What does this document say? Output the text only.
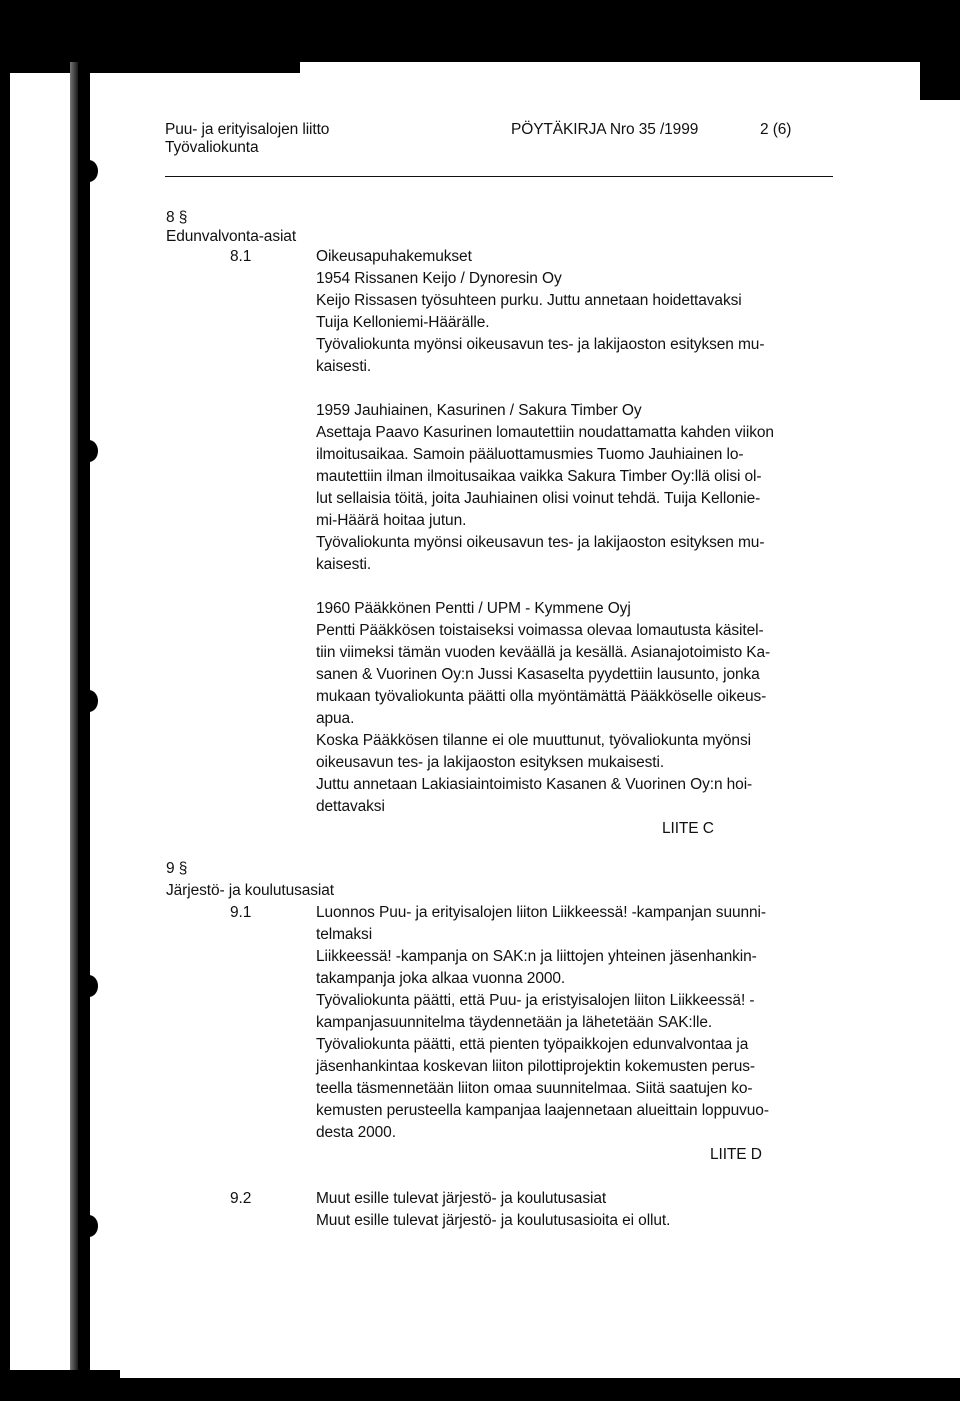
Puu- ja erityisalojen liitto	PÖYTÄKIRJA Nro 35 /1999	2 (6)
Työvaliokunta
8 §
Edunvalvonta-asiat
8.1	Oikeusapuhakemukset
1954 Rissanen Keijo / Dynoresin Oy
Keijo Rissasen työsuhteen purku. Juttu annetaan hoidettavaksi
Tuija Kelloniemi-Häärälle.
Työvaliokunta myönsi oikeusavun tes- ja lakijaoston esityksen mu-
kaisesti.
1959 Jauhiainen, Kasurinen / Sakura Timber Oy
Asettaja Paavo Kasurinen lomautettiin noudattamatta kahden viikon
ilmoitusaikaa. Samoin pääluottamusmies Tuomo Jauhiainen lo-
mautettiin ilman ilmoitusaikaa vaikka Sakura Timber Oy:llä olisi ol-
lut sellaisia töitä, joita Jauhiainen olisi voinut tehdä. Tuija Kellonie-
mi-Häärä hoitaa jutun.
Työvaliokunta myönsi oikeusavun tes- ja lakijaoston esityksen mu-
kaisesti.
1960 Pääkkönen Pentti / UPM - Kymmene Oyj
Pentti Pääkkösen toistaiseksi voimassa olevaa lomautusta käsitel-
tiin viimeksi tämän vuoden keväällä ja kesällä. Asianajotoimisto Ka-
sanen & Vuorinen Oy:n Jussi Kasaselta pyydettiin lausunto, jonka
mukaan työvaliokunta päätti olla myöntämättä Pääkköselle oikeus-
apua.
Koska Pääkkösen tilanne ei ole muuttunut, työvaliokunta myönsi
oikeusavun tes- ja lakijaoston esityksen mukaisesti.
Juttu annetaan Lakiasiaintoimisto Kasanen & Vuorinen Oy:n hoi-
dettavaksi
LIITE C
9 §
Järjestö- ja koulutusasiat
9.1	Luonnos Puu- ja erityisalojen liiton Liikkeessä! -kampanjan suunni-
telmaksi
Liikkeessä! -kampanja on SAK:n ja liittojen yhteinen jäsenhankin-
takampanja joka alkaa vuonna 2000.
Työvaliokunta päätti, että Puu- ja eristyisalojen liiton Liikkeessä! -
kampanjasuunnitelma täydennetään ja lähetetään SAK:lle.
Työvaliokunta päätti, että pienten työpaikkojen edunvalvontaa ja
jäsenhankintaa koskevan liiton pilottiprojektin kokemusten perus-
teella täsmennetään liiton omaa suunnitelmaa. Siitä saatujen ko-
kemusten perusteella kampanjaa laajennetaan alueittain loppuvuo-
desta 2000.
LIITE D
9.2	Muut esille tulevat järjestö- ja koulutusasiat
Muut esille tulevat järjestö- ja koulutusasioita ei ollut.
